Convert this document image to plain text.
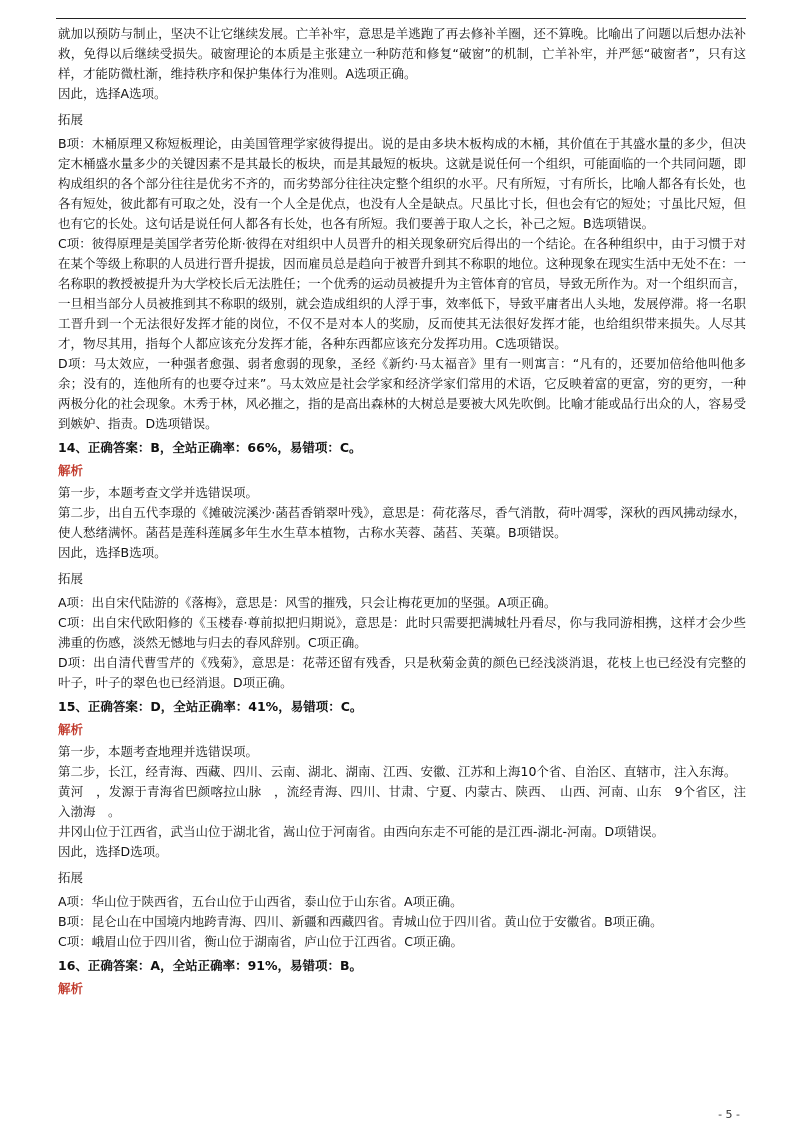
就加以预防与制止，坚决不让它继续发展。亡羊补牢，意思是羊逃跑了再去修补羊圈，还不算晚。比喻出了问题以后想办法补救，免得以后继续受损失。破窗理论的本质是主张建立一种防范和修复“破窗”的机制，亡羊补牢，并严惩“破窗者”，只有这样，才能防微杜渐，维持秩序和保护集体行为准则。A选项正确。

因此，选择A选项。

拓展

B项：木桶原理又称短板理论，由美国管理学家彼得提出。说的是由多块木板构成的木桶，其价值在于其盛水量的多少，但决定木桶盛水量多少的关键因素不是其最长的板块，而是其最短的板块。这就是说任何一个组织，可能面临的一个共同问题，即构成组织的各个部分往往是优劣不齐的，而劣势部分往往决定整个组织的水平。尺有所短，寸有所长，比喻人都各有长处，也各有短处，彼此都有可取之处，没有一个人全是优点，也没有人全是缺点。尺虽比寸长，但也会有它的短处；寸虽比尺短，但也有它的长处。这句话是说任何人都各有长处，也各有所短。我们要善于取人之长，补己之短。B选项错误。

C项：彼得原理是美国学者劳伦斯·彼得在对组织中人员晋升的相关现象研究后得出的一个结论。在各种组织中，由于习惯于对在某个等级上称职的人员进行晋升提拔，因而雇员总是趋向于被晋升到其不称职的地位。这种现象在现实生活中无处不在：一名称职的教授被提升为大学校长后无法胜任；一个优秀的运动员被提升为主管体育的官员，导致无所作为。对一个组织而言，一旦相当部分人员被推到其不称职的级别，就会造成组织的人浮于事，效率低下，导致平庸者出人头地，发展停滞。将一名职工晋升到一个无法很好发挥才能的岗位，不仅不是对本人的奖励，反而使其无法很好发挥才能，也给组织带来损失。人尽其才，物尽其用，指每个人都应该充分发挥才能，各种东西都应该充分发挥功用。C选项错误。

D项：马太效应，一种强者愈强、弱者愈弱的现象，圣经《新约·马太福音》里有一则寓言：“凡有的，还要加倍给他叫他多余；没有的，连他所有的也要夺过来”。马太效应是社会学家和经济学家们常用的术语，它反映着富的更富，穷的更穷，一种两极分化的社会现象。木秀于林，风必摧之，指的是高出森林的大树总是要被大风先吹倒。比喻才能或品行出众的人，容易受到嫉妒、指责。D选项错误。

14、正确答案：B，全站正确率：66%，易错项：C。

解析

第一步，本题考查文学并选错误项。

第二步，出自五代李璟的《摊破浣溪沙·菡萏香销翠叶残》，意思是：荷花落尽，香气消散，荷叶凋零，深秋的西风拂动绿水，使人愁绪满怀。菡萏是莲科莲属多年生水生草本植物，古称水芙蓉、菡萏、芙蕖。B项错误。

因此，选择B选项。

拓展

A项：出自宋代陆游的《落梅》，意思是：风雪的摧残，只会让梅花更加的坚强。A项正确。

C项：出自宋代欧阳修的《玉楼春·尊前拟把归期说》，意思是：此时只需要把满城牡丹看尽，你与我同游相携，这样才会少些沸重的伤感，淡然无憾地与归去的春风辞别。C项正确。

D项：出自清代曹雪芹的《残菊》，意思是：花蒂还留有残香，只是秋菊金黄的颜色已经浅淡消退，花枝上也已经没有完整的叶子，叶子的翠色也已经消退。D项正确。

15、正确答案：D，全站正确率：41%，易错项：C。

解析

第一步，本题考查地理并选错误项。

第二步，长江，经青海、西藏、四川、云南、湖北、湖南、江西、安徽、江苏和上海10个省、自治区、直辖市，注入东海。

黄河　，发源于青海省巴颜喀拉山脉　，流经青海、四川、甘肃、宁夏、内蒙古、陕西、　山西、河南、山东　9个省区，注入渤海　。

井冈山位于江西省，武当山位于湖北省，嵩山位于河南省。由西向东走不可能的是江西-湖北-河南。D项错误。

因此，选择D选项。

拓展

A项：华山位于陕西省，五台山位于山西省，泰山位于山东省。A项正确。

B项：昆仑山在中国境内地跨青海、四川、新疆和西藏四省。青城山位于四川省。黄山位于安徽省。B项正确。

C项：峨眉山位于四川省，衡山位于湖南省，庐山位于江西省。C项正确。

16、正确答案：A，全站正确率：91%，易错项：B。

解析

- 5 -
